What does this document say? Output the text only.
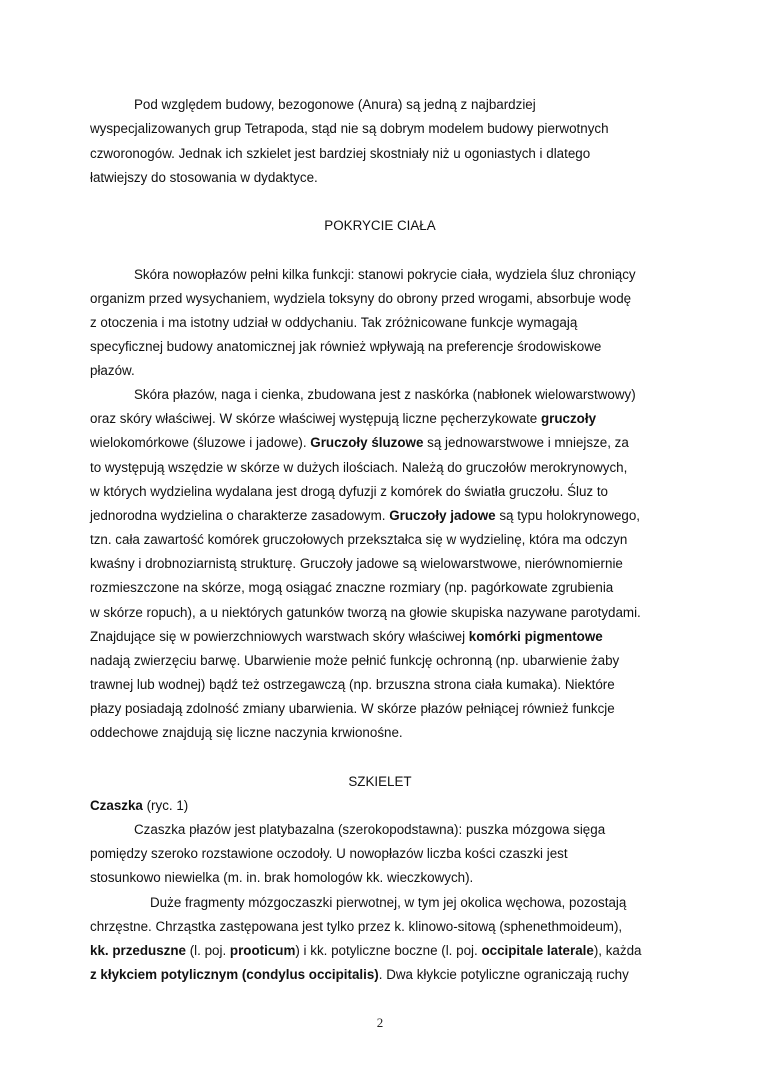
Pod względem budowy, bezogonowe (Anura) są jedną z najbardziej
wyspecjalizowanych grup Tetrapoda, stąd nie są dobrym modelem budowy pierwotnych
czworonogów. Jednak ich szkielet jest bardziej skostniały niż u ogoniastych i dlatego
łatwiejszy do stosowania w dydaktyce.
POKRYCIE CIAŁA
Skóra nowopłazów pełni kilka funkcji: stanowi pokrycie ciała, wydziela śluz chroniący
organizm przed wysychaniem, wydziela toksyny do obrony przed wrogami, absorbuje wodę
z otoczenia i ma istotny udział w oddychaniu. Tak zróżnicowane funkcje wymagają
specyficznej budowy anatomicznej jak również wpływają na preferencje środowiskowe
płazów.
Skóra płazów, naga i cienka, zbudowana jest z naskórka (nabłonek wielowarstwowy)
oraz skóry właściwej. W skórze właściwej występują liczne pęcherzykowate gruczoły
wielokomórkowe (śluzowe i jadowe). Gruczoły śluzowe są jednowarstwowe i mniejsze, za
to występują wszędzie w skórze w dużych ilościach. Należą do gruczołów merokrynowych,
w których wydzielina wydalana jest drogą dyfuzji z komórek do światła gruczołu. Śluz to
jednorodna wydzielina o charakterze zasadowym. Gruczoły jadowe są typu holokrynowego,
tzn. cała zawartość komórek gruczołowych przekształca się w wydzielinę, która ma odczyn
kwaśny i drobnoziarnistą strukturę. Gruczoły jadowe są wielowarstwowe, nierównomiernie
rozmieszczone na skórze, mogą osiągać znaczne rozmiary (np. pagórkowate zgrubienia
w skórze ropuch), a u niektórych gatunków tworzą na głowie skupiska nazywane parotydami.
Znajdujące się w powierzchniowych warstwach skóry właściwej komórki pigmentowe
nadają zwierzęciu barwę. Ubarwienie może pełnić funkcję ochronną (np. ubarwienie żaby
trawnej lub wodnej) bądź też ostrzegawczą (np. brzuszna strona ciała kumaka). Niektóre
płazy posiadają zdolność zmiany ubarwienia. W skórze płazów pełniącej również funkcje
oddechowe znajdują się liczne naczynia krwionośne.
SZKIELET
Czaszka (ryc. 1)
Czaszka płazów jest platybazalna (szerokopodstawna): puszka mózgowa sięga
pomiędzy szeroko rozstawione oczodoły. U nowopłazów liczba kości czaszki jest
stosunkowo niewielka (m. in. brak homologów kk. wieczkowych).
Duże fragmenty mózgoczaszki pierwotnej, w tym jej okolica węchowa, pozostają
chrzęstne. Chrząstka zastępowana jest tylko przez k. klinowo-sitową (sphenethmoideum),
kk. przeduszne (l. poj. prooticum) i kk. potyliczne boczne (l. poj. occipitale laterale), każda
z kłykciem potylicznym (condylus occipitalis). Dwa kłykcie potyliczne ograniczają ruchy
2
